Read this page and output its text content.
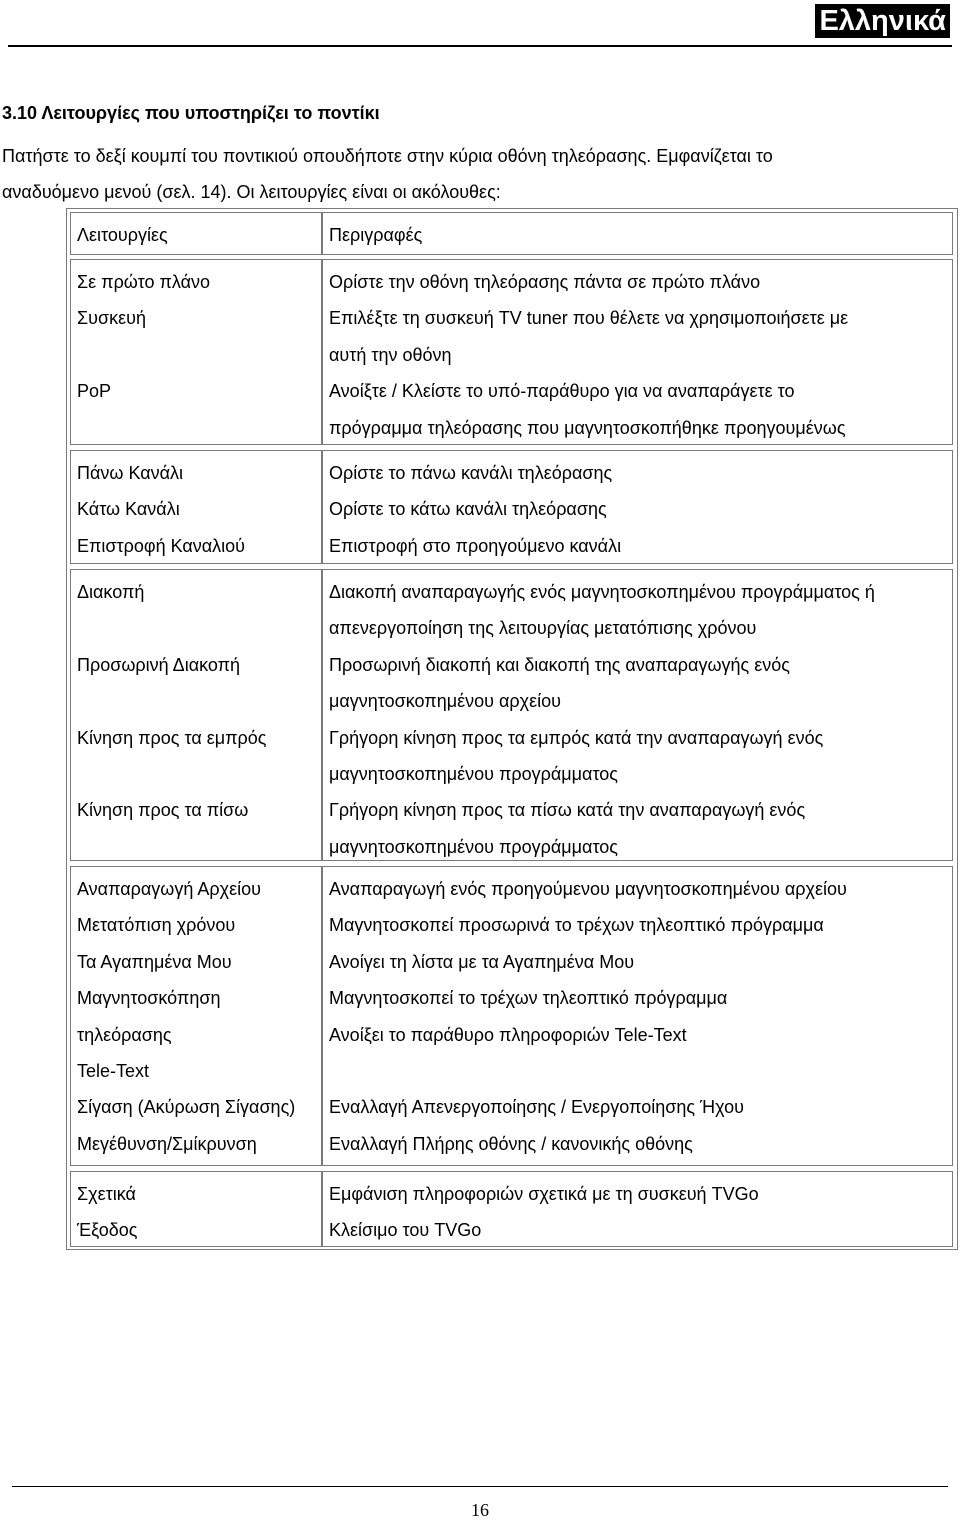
Ελληνικά
3.10 Λειτουργίες που υποστηρίζει το ποντίκι
Πατήστε το δεξί κουμπί του ποντικιού οπουδήποτε στην κύρια οθόνη τηλεόρασης. Εμφανίζεται το
αναδυόμενο μενού (σελ. 14). Οι λειτουργίες είναι οι ακόλουθες:
Λειτουργίες	Περιγραφές
Σε πρώτο πλάνο
Συσκευή
PoP
Ορίστε την οθόνη τηλεόρασης πάντα σε πρώτο πλάνο
Επιλέξτε τη συσκευή TV tuner που θέλετε να χρησιμοποιήσετε με
αυτή την οθόνη
Ανοίξτε / Κλείστε το υπό-παράθυρο για να αναπαράγετε το
πρόγραμμα τηλεόρασης που μαγνητοσκοπήθηκε προηγουμένως
Πάνω Κανάλι
Κάτω Κανάλι
Επιστροφή Καναλιού
Ορίστε το πάνω κανάλι τηλεόρασης
Ορίστε το κάτω κανάλι τηλεόρασης
Επιστροφή στο προηγούμενο κανάλι
Διακοπή
Προσωρινή Διακοπή
Κίνηση προς τα εμπρός
Κίνηση προς τα πίσω
Διακοπή αναπαραγωγής ενός μαγνητοσκοπημένου προγράμματος ή
απενεργοποίηση της λειτουργίας μετατόπισης χρόνου
Προσωρινή διακοπή και διακοπή της αναπαραγωγής ενός
μαγνητοσκοπημένου αρχείου
Γρήγορη κίνηση προς τα εμπρός κατά την αναπαραγωγή ενός
μαγνητοσκοπημένου προγράμματος
Γρήγορη κίνηση προς τα πίσω κατά την αναπαραγωγή ενός
μαγνητοσκοπημένου προγράμματος
Αναπαραγωγή Αρχείου
Μετατόπιση χρόνου
Τα Αγαπημένα Μου
Μαγνητοσκόπηση
τηλεόρασης
Tele-Text
Σίγαση (Ακύρωση Σίγασης)
Μεγέθυνση/Σμίκρυνση
Αναπαραγωγή ενός προηγούμενου μαγνητοσκοπημένου αρχείου
Μαγνητοσκοπεί προσωρινά το τρέχων τηλεοπτικό πρόγραμμα
Ανοίγει τη λίστα με τα Αγαπημένα Μου
Μαγνητοσκοπεί το τρέχων τηλεοπτικό πρόγραμμα
Ανοίξει το παράθυρο πληροφοριών Tele-Text
Εναλλαγή Απενεργοποίησης / Ενεργοποίησης Ήχου
Εναλλαγή Πλήρης οθόνης / κανονικής οθόνης
Σχετικά
Έξοδος
Εμφάνιση πληροφοριών σχετικά με τη συσκευή TVGo
Κλείσιμο του TVGo
16
